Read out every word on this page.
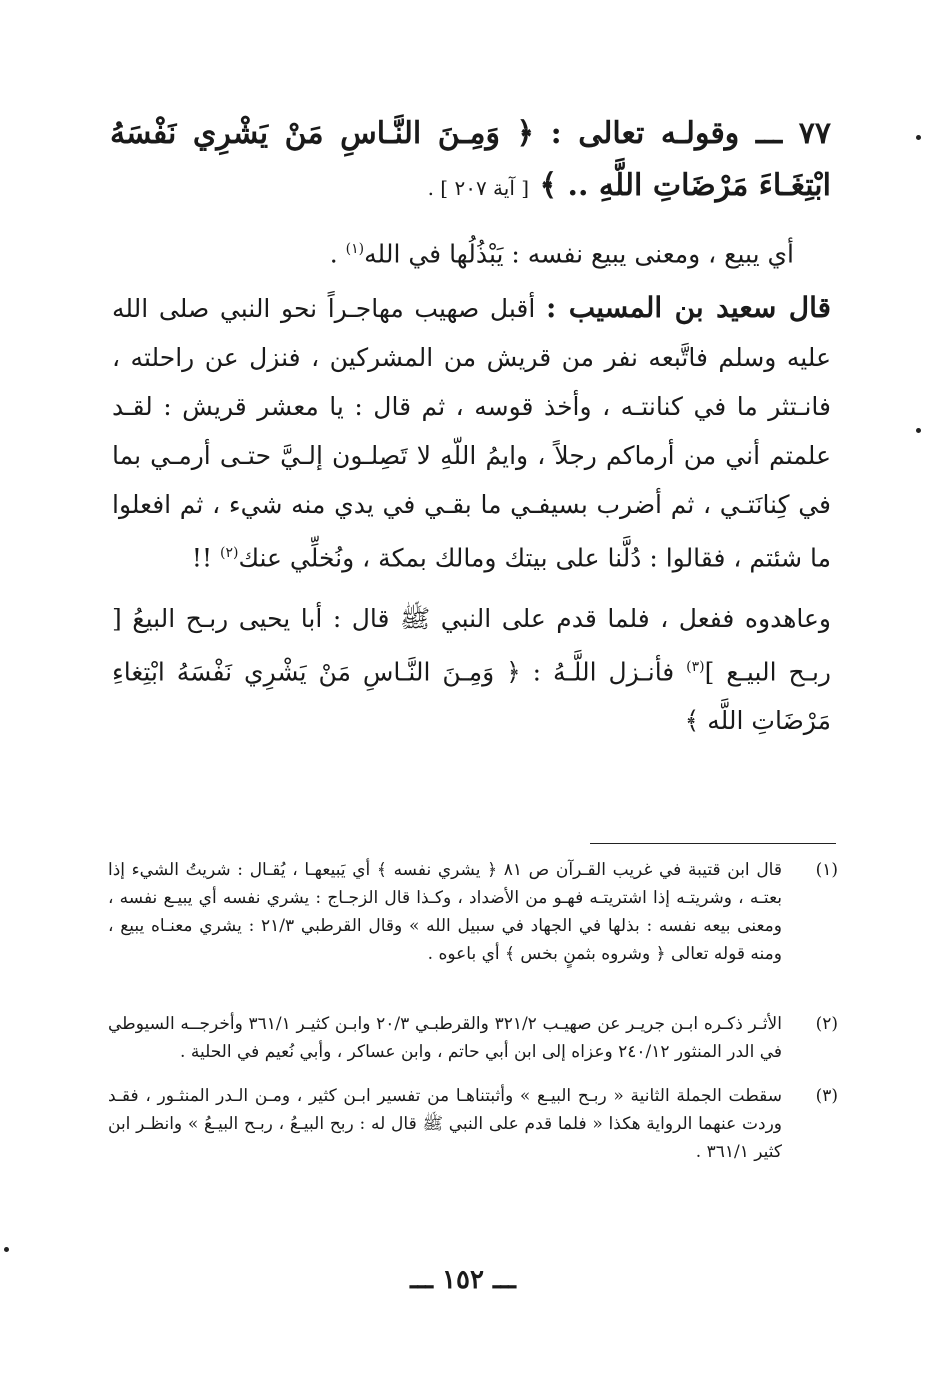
٧٧ ـــ وقولـه تعالى : ﴿ وَمِـنَ النَّـاسِ مَنْ يَشْرِي نَفْسَهُ ابْتِغَـاءَ مَرْضَاتِ اللَّهِ .. ﴾ [ آية ٢٠٧ ] .
أي يبيع ، ومعنى يبيع نفسه : يَبْذُلُها في الله$^{(١)}$ .
قال سعيد بن المسيب : أقبل صهيب مهاجـراً نحو النبي صلى الله عليه وسلم فاتَّبعه نفر من قريش من المشركين ، فنزل عن راحلته ، فانـتثر ما في كنانتـه ، وأخذ قوسه ، ثم قال : يا معشر قريش : لقـد علمتم أني من أرماكم رجلاً ، وايمُ اللّهِ لا تَصِلـون إلـيَّ حتـى أرمـي بما في كِنانَتـي ، ثم أضرب بسيفـي ما بقـي في يدي منه شيء ، ثم افعلوا ما شئتم ، فقالوا : دُلَّنا على بيتك ومالك بمكة ، ونُخلِّي عنك$^{(٢)}$ !!
وعاهدوه ففعل ، فلما قدم على النبي ﷺ قال : أبا يحيى ربـح البيعُ [ ربـح البيـع ]$^{(٣)}$ فأنـزل اللَّـهُ : ﴿ وَمِـنَ النَّـاسِ مَنْ يَشْرِي نَفْسَهُ ابْتِغاءِ مَرْضَاتِ اللَّه ﴾
(١)
قال ابن قتيبة في غريب القـرآن ص ٨١ ﴿ يشري نفسه ﴾ أي يَبيعهـا ، يُقـال : شريتُ الشيء إذا بعتـه ، وشريتـه إذا اشتريتـه فهـو من الأضداد ، وكـذا قال الزجـاج : يشري نفسه أي يبيـع نفسه ، ومعنى بيعه نفسه : بذلها في الجهاد في سبيل الله » وقال القرطبي ٢١/٣ : يشري معنـاه يبيع ، ومنه قوله تعالى ﴿ وشروه بثمنٍ بخس ﴾ أي باعوه .
(٢)
الأثـر ذكـره ابـن جريـر عن صهيـب ٣٢١/٢ والقرطبـي ٢٠/٣ وابـن كثيـر ٣٦١/١ وأخرجــه السيوطي في الدر المنثور ٢٤٠/١٢ وعزاه إلى ابن أبي حاتم ، وابن عساكر ، وأبي نُعيم في الحلية .
(٣)
سقطت الجملة الثانية « ربـح البيـع » وأثبتناهـا من تفسير ابـن كثير ، ومـن الـدر المنثـور ، فقـد وردت عنهما الرواية هكذا « فلما قدم على النبي ﷺ قال له : ربح البيـعُ ، ربـح البيـعُ » وانظـر ابن كثير ٣٦١/١ .
ـــ ١٥٢ ـــ
